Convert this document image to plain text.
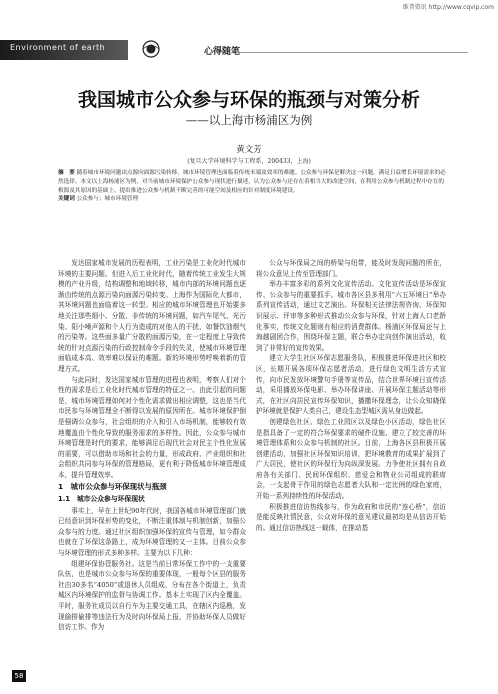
维普资讯 http://www.cqvip.com
Environment of earth	心得随笔
我国城市公众参与环保的瓶颈与对策分析
——以上海市杨浦区为例
黄文芳
(复旦大学环境科学与工程系，200433，上海)
摘　要 随着城市环境问题由点源向面源污染转移，城市环境管理也面临着传统末端及效率的难题。公众参与环保是解决这一问题，满足日益增长环境需求的必然选择。本文以上海杨浦区为例，对当前城市环境保护公众参与现状进行描述，认为公众参与还存在着相当大的改进空间，在利用公众参与机制过程中存在的根源及其原因的基础上，提出推进公众参与机制不断完善的可能空间及相应的针对制度环境建设。
关键词 公众参与；城市环境管理

发达国家城市发展的历程表明，工业污染是工业化时代城市环境的主要问题。但进入后工业化时代，随着传统工业发生大规模的产业升级，结构调整和地域转移，城市内部的环境问题也逐渐由传统的点源污染向面源污染转变。上海作为国际化大都市，其环境问题也面临着这一转型。相应的城市环境管理也开始要多地关注那些细小、分散、非传统的环境问题，如汽车尾气、光污染、阳小噪声源和个人行为造成的对他人的干扰，如餐饮油烟气的污染等。这些面多量广分散的面源污染，在一定程度上导致传统的针对点源污染的行政控制命令手段的失灵，使城市环境管理面临成本高、效率难以保证的难题。新的环境形势呼唤着新的管理方式。

与此同时，发达国家城市管理的进程也表明，考察人们对个性的需求是后工业化时代城市管理的特征之一。由此引起的问题是，城市环境管理如何对个性化需求做出相应调整，这也是当代市民参与环境管理全不断得以发展的原因所在。城市环境保护倒是强调公众参与，社会组织的介入和引入市场机制，能够较有效地覆盖由个性化导致的服务需求的多样性。因此，公众参与城市环境管理是时代的要求，能够满足后现代社会对民主个性化发展的需要，可以借助市场和社会的力量，形成政府、产业组织和社会组织共同参与环保的管理格局，更有利于降低城市环境管理成本，提升管理效率。

1　城市公众参与环保现状与瓶颈
1.1　城市公众参与环保现状

事实上，早在上世纪90年代时，我国各城市环境管理部门就已经意识到环保形势的变化，不断注重体制与机制创新，加强公众参与的力度。通过社区组织加强环保的宣传与管理，如今群众也就在了环保这条路上，成为环境管理的又一主体。目前公众参与环境管理的形式多种多样。主要为以下几种：

组建环保协管服务社。这是当前日常环保工作中的一支重要队伍，也是城市公众参与环保的重要体现，一般每个区县的服务社由30多名“4050”或退休人员组成，分布在各个街道上，负责城区内环境保护的监督与协调工作。基本上实现了区内全覆盖。平时，服务社成员以自行车为主要交通工具，在辖区内巡勘，发现偷排偷排等违法行为及时向环保局上报，并协助环保人员做好信访工作。作为

公众与环保局之间的桥梁与纽带，能及时发现问题的所在，将公众意见上传至管理部门。

举办丰富多彩的系列文化宣传活动。文化宣传活动是环保宣传、公众参与的重要抓手。城市各区县多利用“六五环境日”举办系列宣传活动，通过文艺演出、环保相关法律法规咨询、环保知识展示、评审等多种形式推动公众参与环保，针对上海人口老龄化事实，传统文化题则有相应的消费群体。杨浦区环保局还与上海越剧团合作，围绕环保主题，联合举办定向创作演出活动，收到了非常好的宣传效果。

建立大学生社区环保志愿服务队，积极推进环保进社区和校区，长期开展各项环保志愿者活动，进行绿色文明生活方式宣传，向市民发放环境警句手册等宣传品，结合世界环境日宣传活动，采用播放环保电影、举办环保讲座、开展环保主题活动等形式，在社区向居民宣传环保知识，播撒环保理念，让公众知晓保护环境就是保护人类自己，建设生态型城区需从身边做起。

创建绿色社区、绿色工业园区以及绿色小区活动，绿色社区是指具备了一定的符合环保要求的硬件设施、建立了较完善的环境管理体系和公众参与机制的社区。目前，上海各区县积极开展创建活动，加强社区环保知识培训，把环境教育的成果扩展到了广大居民，使社区的环保行为向纵深发展。力争使社区拥有自政府各有关部门、民间环保组织、慈爱会和物业公司组成的联席会，一支起骨干作用的绿色志愿者大队和一定比例的绿色家庭，开始一系列持续性的环保活动。

积极推进信访热线参与，作为政府和市民的“连心桥”，信访是能反映社情民意，公众对环保的意见建议最初均是从信访开始的。通过信访热线这一载体，在推动基

58
